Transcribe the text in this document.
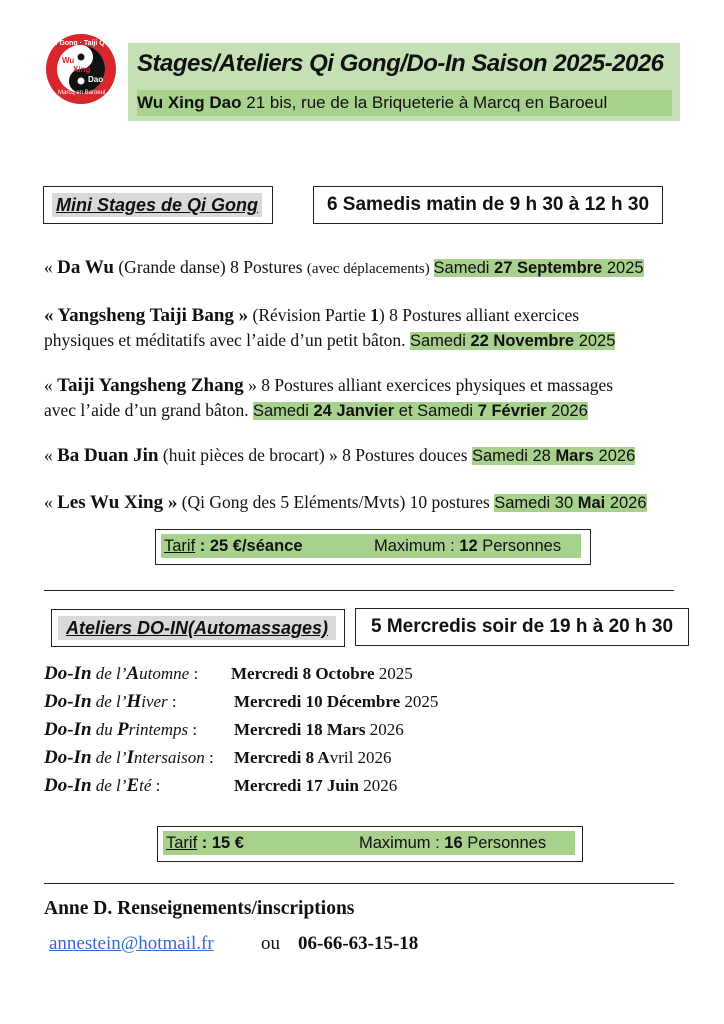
Qi Gong · Taiji Quan
Marcq en Baroeul
Wu
Xing
Dao
Stages/Ateliers Qi Gong/Do-In Saison 2025-2026
Wu Xing Dao 21 bis, rue de la Briqueterie à Marcq en Baroeul
Mini Stages de Qi Gong	6 Samedis matin de 9 h 30 à 12 h 30
« Da Wu (Grande danse) 8 Postures (avec déplacements) Samedi 27 Septembre 2025
« Yangsheng Taiji Bang » (Révision Partie 1) 8 Postures alliant exercices
physiques et méditatifs avec l’aide d’un petit bâton. Samedi 22 Novembre 2025
« Taiji Yangsheng Zhang » 8 Postures alliant exercices physiques et massages
avec l’aide d’un grand bâton. Samedi 24 Janvier et Samedi 7 Février 2026
« Ba Duan Jin (huit pièces de brocart) » 8 Postures douces Samedi 28 Mars 2026
« Les Wu Xing » (Qi Gong des 5 Eléments/Mvts) 10 postures Samedi 30 Mai 2026
Tarif : 25 €/séance	Maximum : 12 Personnes
Ateliers DO-IN(Automassages)	5 Mercredis soir de 19 h à 20 h 30
Do-In de l’Automne : Mercredi 8 Octobre 2025
Do-In de l’Hiver :	Mercredi 10 Décembre 2025
Do-In du Printemps : Mercredi 18 Mars 2026
Do-In de l’Intersaison : Mercredi 8 Avril 2026
Do-In de l’Eté :	Mercredi 17 Juin 2026
Tarif : 15 €	Maximum : 16 Personnes
Anne D. Renseignements/inscriptions
annestein@hotmail.fr ou 06-66-63-15-18
